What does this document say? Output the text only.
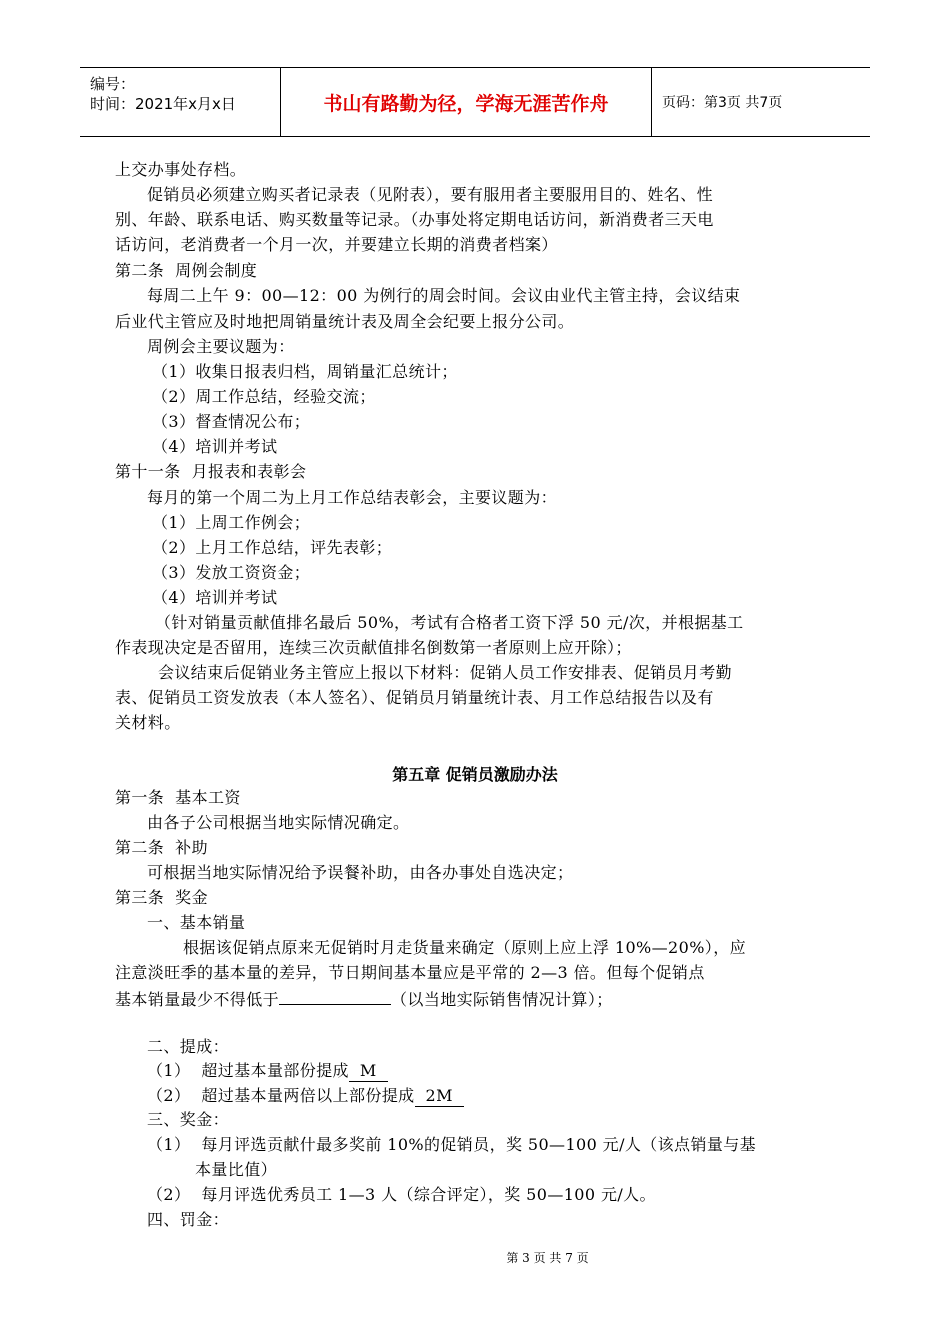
编号：
时间：2021年x月x日	书山有路勤为径，学海无涯苦作舟	页码：第3页 共7页
上交办事处存档。
促销员必须建立购买者记录表（见附表），要有服用者主要服用目的、姓名、性
别、年龄、联系电话、购买数量等记录。（办事处将定期电话访问，新消费者三天电
话访问，老消费者一个月一次，并要建立长期的消费者档案）
第二条  周例会制度
每周二上午 9：00—12：00 为例行的周会时间。会议由业代主管主持，会议结束
后业代主管应及时地把周销量统计表及周全会纪要上报分公司。
周例会主要议题为：
（1）收集日报表归档，周销量汇总统计；
（2）周工作总结，经验交流；
（3）督查情况公布；
（4）培训并考试
第十一条  月报表和表彰会
每月的第一个周二为上月工作总结表彰会，主要议题为：
（1）上周工作例会；
（2）上月工作总结，评先表彰；
（3）发放工资资金；
（4）培训并考试
（针对销量贡献值排名最后 50%，考试有合格者工资下浮 50 元/次，并根据基工
作表现决定是否留用，连续三次贡献值排名倒数第一者原则上应开除）；
会议结束后促销业务主管应上报以下材料：促销人员工作安排表、促销员月考勤
表、促销员工资发放表（本人签名）、促销员月销量统计表、月工作总结报告以及有
关材料。
第五章 促销员激励办法
第一条  基本工资
由各子公司根据当地实际情况确定。
第二条  补助
可根据当地实际情况给予误餐补助，由各办事处自选决定；
第三条  奖金
一、基本销量
根据该促销点原来无促销时月走货量来确定（原则上应上浮 10%—20%），应
注意淡旺季的基本量的差异，节日期间基本量应是平常的 2—3 倍。但每个促销点
基本销量最少不得低于	（以当地实际销售情况计算）；
二、提成：
（1）  超过基本量部份提成  M
（2）  超过基本量两倍以上部份提成  2M
三、奖金：
（1）  每月评选贡献什最多奖前 10%的促销员，奖 50—100 元/人（该点销量与基
本量比值）
（2）  每月评选优秀员工 1—3 人（综合评定），奖 50—100 元/人。
四、罚金：
第 3 页 共 7 页
